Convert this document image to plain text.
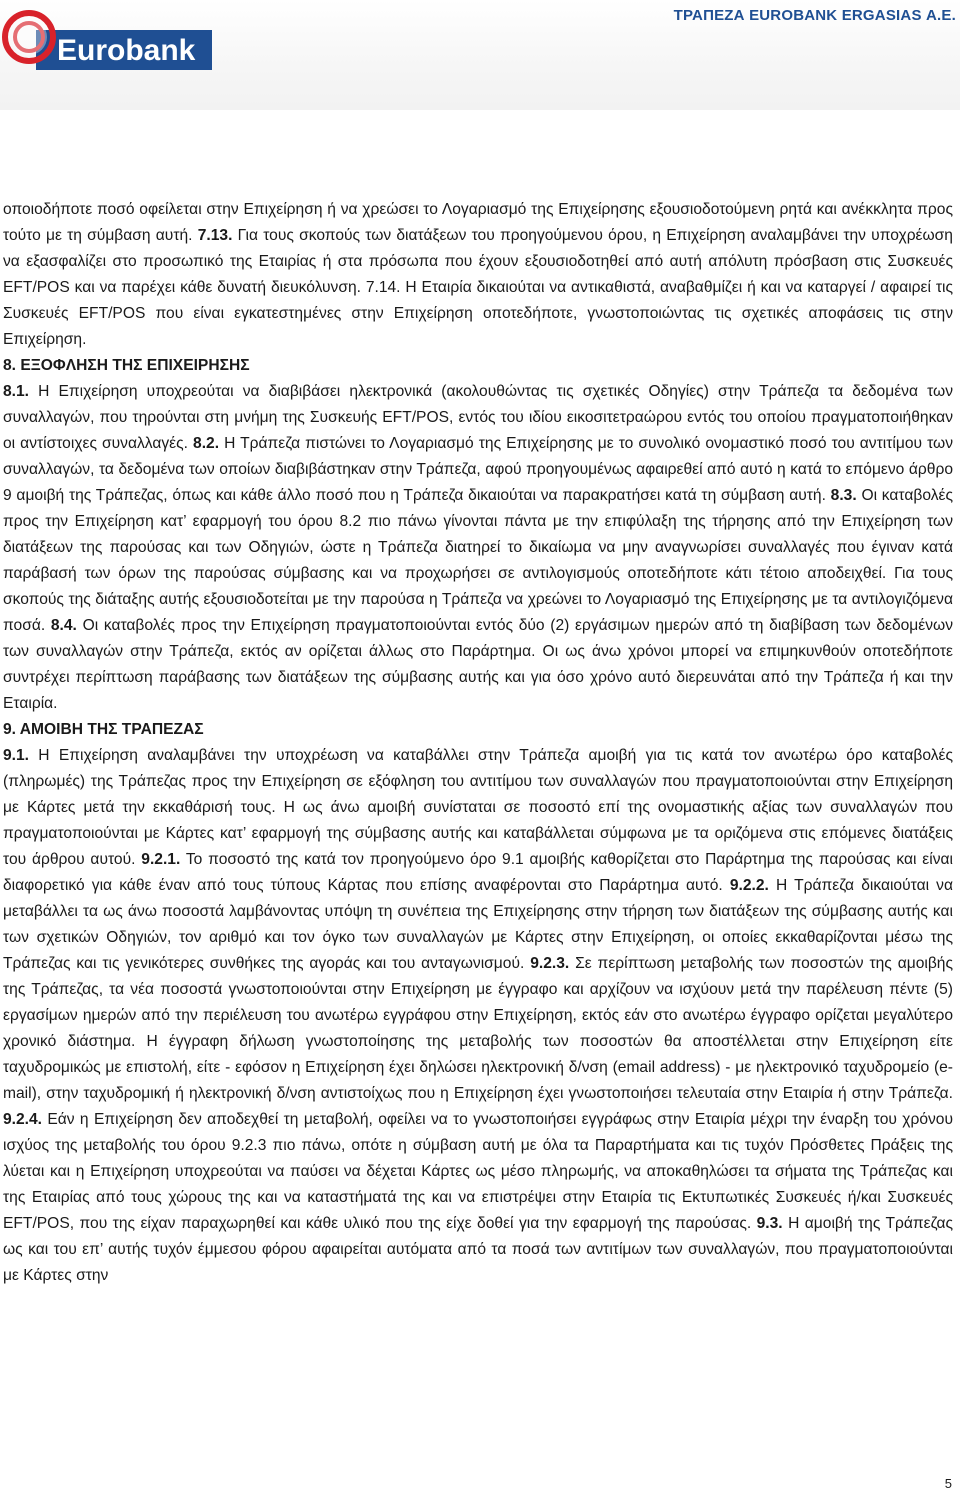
Eurobank
ΤΡΑΠΕΖΑ EUROBANK ERGASIAS Α.Ε.

οποιοδήποτε ποσό οφείλεται στην Επιχείρηση ή να χρεώσει το Λογαριασμό της Επιχείρησης εξουσιοδοτούμενη ρητά και ανέκκλητα προς τούτο με τη σύμβαση αυτή. 7.13. Για τους σκοπούς των διατάξεων του προηγούμενου όρου, η Επιχείρηση αναλαμβάνει την υποχρέωση να εξασφαλίζει στο προσωπικό της Εταιρίας ή στα πρόσωπα που έχουν εξουσιοδοτηθεί από αυτή απόλυτη πρόσβαση στις Συσκευές EFT/POS και να παρέχει κάθε δυνατή διευκόλυνση. 7.14. Η Εταιρία δικαιούται να αντικαθιστά, αναβαθμίζει ή και να καταργεί / αφαιρεί τις Συσκευές EFT/POS που είναι εγκατεστημένες στην Επιχείρηση οποτεδήποτε, γνωστοποιώντας τις σχετικές αποφάσεις τις στην Επιχείρηση.

8. ΕΞΟΦΛΗΣΗ ΤΗΣ ΕΠΙΧΕΙΡΗΣΗΣ

8.1. Η Επιχείρηση υποχρεούται να διαβιβάσει ηλεκτρονικά (ακολουθώντας τις σχετικές Οδηγίες) στην Τράπεζα τα δεδομένα των συναλλαγών, που τηρούνται στη μνήμη της Συσκευής EFT/POS, εντός του ιδίου εικοσιτετραώρου εντός του οποίου πραγματοποιήθηκαν οι αντίστοιχες συναλλαγές. 8.2. Η Τράπεζα πιστώνει το Λογαριασμό της Επιχείρησης με το συνολικό ονομαστικό ποσό του αντιτίμου των συναλλαγών, τα δεδομένα των οποίων διαβιβάστηκαν στην Τράπεζα, αφού προηγουμένως αφαιρεθεί από αυτό η κατά το επόμενο άρθρο 9 αμοιβή της Τράπεζας, όπως και κάθε άλλο ποσό που η Τράπεζα δικαιούται να παρακρατήσει κατά τη σύμβαση αυτή. 8.3. Οι καταβολές προς την Επιχείρηση κατ’ εφαρμογή του όρου 8.2 πιο πάνω γίνονται πάντα με την επιφύλαξη της τήρησης από την Επιχείρηση των διατάξεων της παρούσας και των Οδηγιών, ώστε η Τράπεζα διατηρεί το δικαίωμα να μην αναγνωρίσει συναλλαγές που έγιναν κατά παράβασή των όρων της παρούσας σύμβασης και να προχωρήσει σε αντιλογισμούς οποτεδήποτε κάτι τέτοιο αποδειχθεί. Για τους σκοπούς της διάταξης αυτής εξουσιοδοτείται με την παρούσα η Τράπεζα να χρεώνει το Λογαριασμό της Επιχείρησης με τα αντιλογιζόμενα ποσά. 8.4. Οι καταβολές προς την Επιχείρηση πραγματοποιούνται εντός δύο (2) εργάσιμων ημερών από τη διαβίβαση των δεδομένων των συναλλαγών στην Τράπεζα, εκτός αν ορίζεται άλλως στο Παράρτημα. Οι ως άνω χρόνοι μπορεί να επιμηκυνθούν οποτεδήποτε συντρέχει περίπτωση παράβασης των διατάξεων της σύμβασης αυτής και για όσο χρόνο αυτό διερευνάται από την Τράπεζα ή και την Εταιρία.

9. ΑΜΟΙΒΗ ΤΗΣ ΤΡΑΠΕΖΑΣ

9.1. Η Επιχείρηση αναλαμβάνει την υποχρέωση να καταβάλλει στην Τράπεζα αμοιβή για τις κατά τον ανωτέρω όρο καταβολές (πληρωμές) της Τράπεζας προς την Επιχείρηση σε εξόφληση του αντιτίμου των συναλλαγών που πραγματοποιούνται στην Επιχείρηση με Κάρτες μετά την εκκαθάρισή τους. Η ως άνω αμοιβή συνίσταται σε ποσοστό επί της ονομαστικής αξίας των συναλλαγών που πραγματοποιούνται με Κάρτες κατ’ εφαρμογή της σύμβασης αυτής και καταβάλλεται σύμφωνα με τα οριζόμενα στις επόμενες διατάξεις του άρθρου αυτού. 9.2.1. Το ποσοστό της κατά τον προηγούμενο όρο 9.1 αμοιβής καθορίζεται στο Παράρτημα της παρούσας και είναι διαφορετικό για κάθε έναν από τους τύπους Κάρτας που επίσης αναφέρονται στο Παράρτημα αυτό. 9.2.2. Η Τράπεζα δικαιούται να μεταβάλλει τα ως άνω ποσοστά λαμβάνοντας υπόψη τη συνέπεια της Επιχείρησης στην τήρηση των διατάξεων της σύμβασης αυτής και των σχετικών Οδηγιών, τον αριθμό και τον όγκο των συναλλαγών με Κάρτες στην Επιχείρηση, οι οποίες εκκαθαρίζονται μέσω της Τράπεζας και τις γενικότερες συνθήκες της αγοράς και του ανταγωνισμού. 9.2.3. Σε περίπτωση μεταβολής των ποσοστών της αμοιβής της Τράπεζας, τα νέα ποσοστά γνωστοποιούνται στην Επιχείρηση με έγγραφο και αρχίζουν να ισχύουν μετά την παρέλευση πέντε (5) εργασίμων ημερών από την περιέλευση του ανωτέρω εγγράφου στην Επιχείρηση, εκτός εάν στο ανωτέρω έγγραφο ορίζεται μεγαλύτερο χρονικό διάστημα. Η έγγραφη δήλωση γνωστοποίησης της μεταβολής των ποσοστών θα αποστέλλεται στην Επιχείρηση είτε ταχυδρομικώς με επιστολή, είτε - εφόσον η Επιχείρηση έχει δηλώσει ηλεκτρονική δ/νση (email address) - με ηλεκτρονικό ταχυδρομείο (e-mail), στην ταχυδρομική ή ηλεκτρονική δ/νση αντιστοίχως που η Επιχείρηση έχει γνωστοποιήσει τελευταία στην Εταιρία ή στην Τράπεζα. 9.2.4. Εάν η Επιχείρηση δεν αποδεχθεί τη μεταβολή, οφείλει να το γνωστοποιήσει εγγράφως στην Εταιρία μέχρι την έναρξη του χρόνου ισχύος της μεταβολής του όρου 9.2.3 πιο πάνω, οπότε η σύμβαση αυτή με όλα τα Παραρτήματα και τις τυχόν Πρόσθετες Πράξεις της λύεται και η Επιχείρηση υποχρεούται να παύσει να δέχεται Κάρτες ως μέσο πληρωμής, να αποκαθηλώσει τα σήματα της Τράπεζας και της Εταιρίας από τους χώρους της και να καταστήματά της και να επιστρέψει στην Εταιρία τις Εκτυπωτικές Συσκευές ή/και Συσκευές EFT/POS, που της είχαν παραχωρηθεί και κάθε υλικό που της είχε δοθεί για την εφαρμογή της παρούσας. 9.3. Η αμοιβή της Τράπεζας ως και του επ’ αυτής τυχόν έμμεσου φόρου αφαιρείται αυτόματα από τα ποσά των αντιτίμων των συναλλαγών, που πραγματοποιούνται με Κάρτες στην

5
